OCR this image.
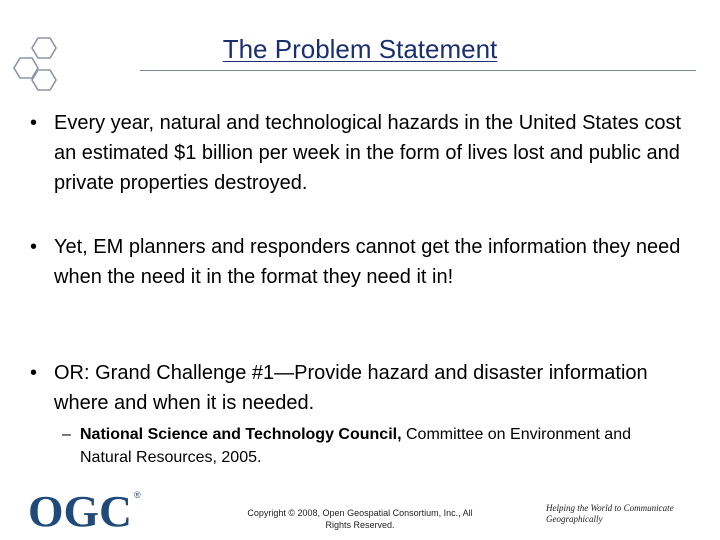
The Problem Statement
• Every year, natural and technological hazards in the United States cost an estimated $1 billion per week in the form of lives lost and public and private properties destroyed.
• Yet, EM planners and responders cannot get the information they need when the need it in the format they need it in!
• OR: Grand Challenge #1—Provide hazard and disaster information where and when it is needed.
– National Science and Technology Council, Committee on Environment and Natural Resources, 2005.
OGC ®
Copyright © 2008, Open Geospatial Consortium, Inc., All Rights Reserved.
Helping the World to Communicate Geographically
